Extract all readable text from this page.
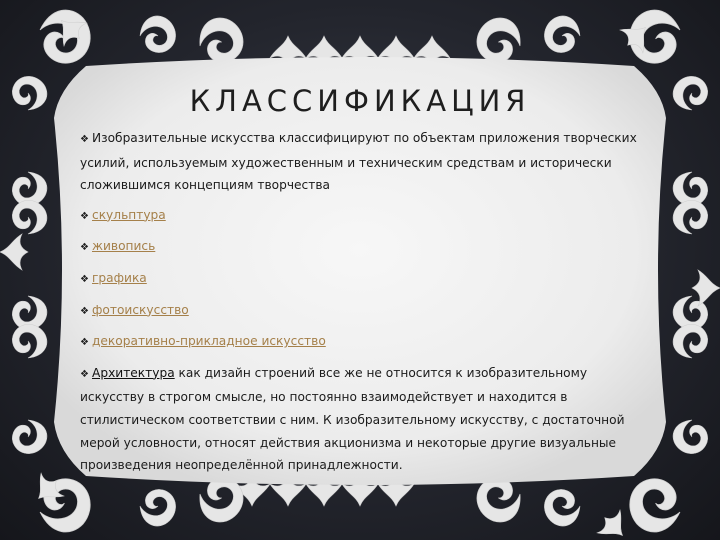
КЛАССИФИКАЦИЯ
❖ Изобразительные искусства классифицируют по объектам приложения творческих усилий, используемым художественным и техническим средствам и исторически сложившимся концепциям творчества
❖ скульптура
❖ живопись
❖ графика
❖ фотоискусство
❖ декоративно-прикладное искусство
❖ Архитектура как дизайн строений все же не относится к изобразительному искусству в строгом смысле, но постоянно взаимодействует и находится в стилистическом соответствии с ним. К изобразительному искусству, с достаточной мерой условности, относят действия акционизма и некоторые другие визуальные произведения неопределённой принадлежности.
